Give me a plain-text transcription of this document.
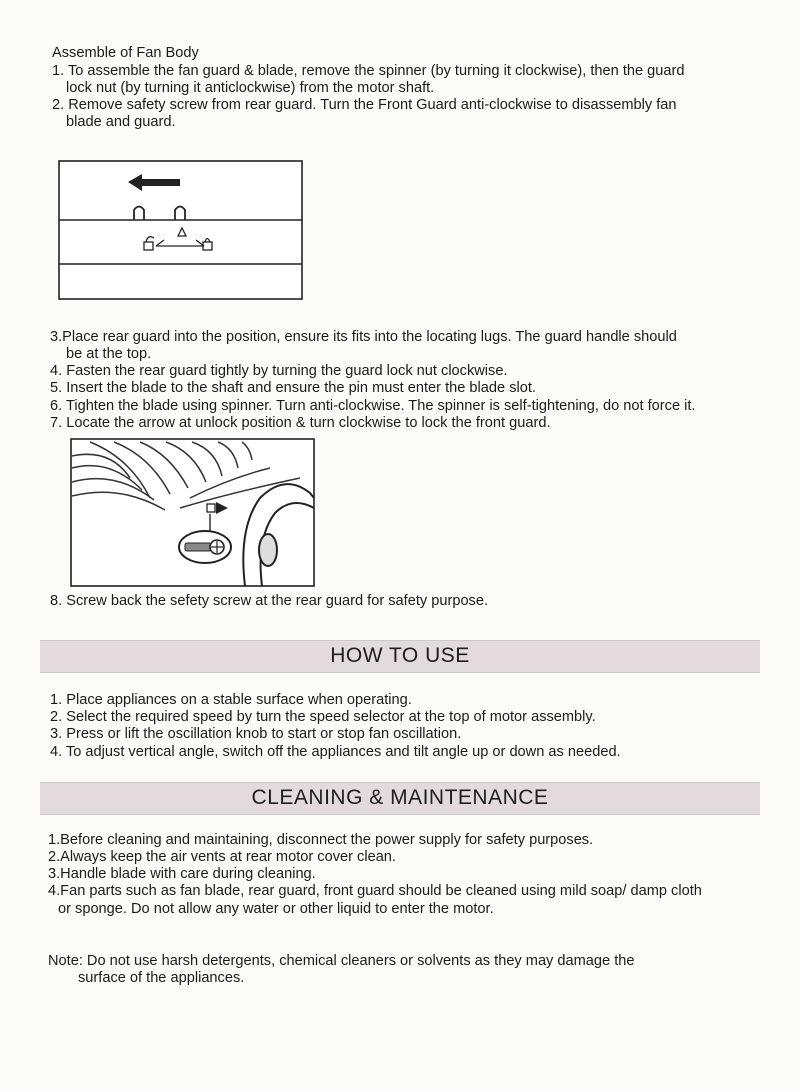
Assemble of Fan Body
1. To assemble the fan guard & blade, remove the spinner (by turning it clockwise), then the guard
lock nut (by turning it anticlockwise) from the motor shaft.
2. Remove safety screw from rear guard. Turn the Front Guard anti-clockwise to disassembly fan
blade and guard.
3.Place rear guard into the position, ensure its fits into the locating lugs. The guard handle should
be at the top.
4. Fasten the rear guard tightly by turning the guard lock nut clockwise.
5. Insert the blade to the shaft and ensure the pin must enter the blade slot.
6. Tighten the blade using spinner. Turn anti-clockwise. The spinner is self-tightening, do not force it.
7. Locate the arrow at unlock position & turn clockwise to lock the front guard.
8. Screw back the sefety screw at the rear guard for safety purpose.
HOW TO USE
1. Place appliances on a stable surface when operating.
2. Select the required speed by turn the speed selector at the top of motor assembly.
3. Press or lift the oscillation knob to start or stop fan oscillation.
4. To adjust vertical angle, switch off the appliances and tilt angle up or down as needed.
CLEANING & MAINTENANCE
1.Before cleaning and maintaining, disconnect the power supply for safety purposes.
2.Always keep the air vents at rear motor cover clean.
3.Handle blade with care during cleaning.
4.Fan parts such as fan blade, rear guard, front guard should be cleaned using mild soap/ damp cloth
or sponge. Do not allow any water or other liquid to enter the motor.
Note: Do not use harsh detergents, chemical cleaners or solvents as they may damage the
surface of the appliances.
